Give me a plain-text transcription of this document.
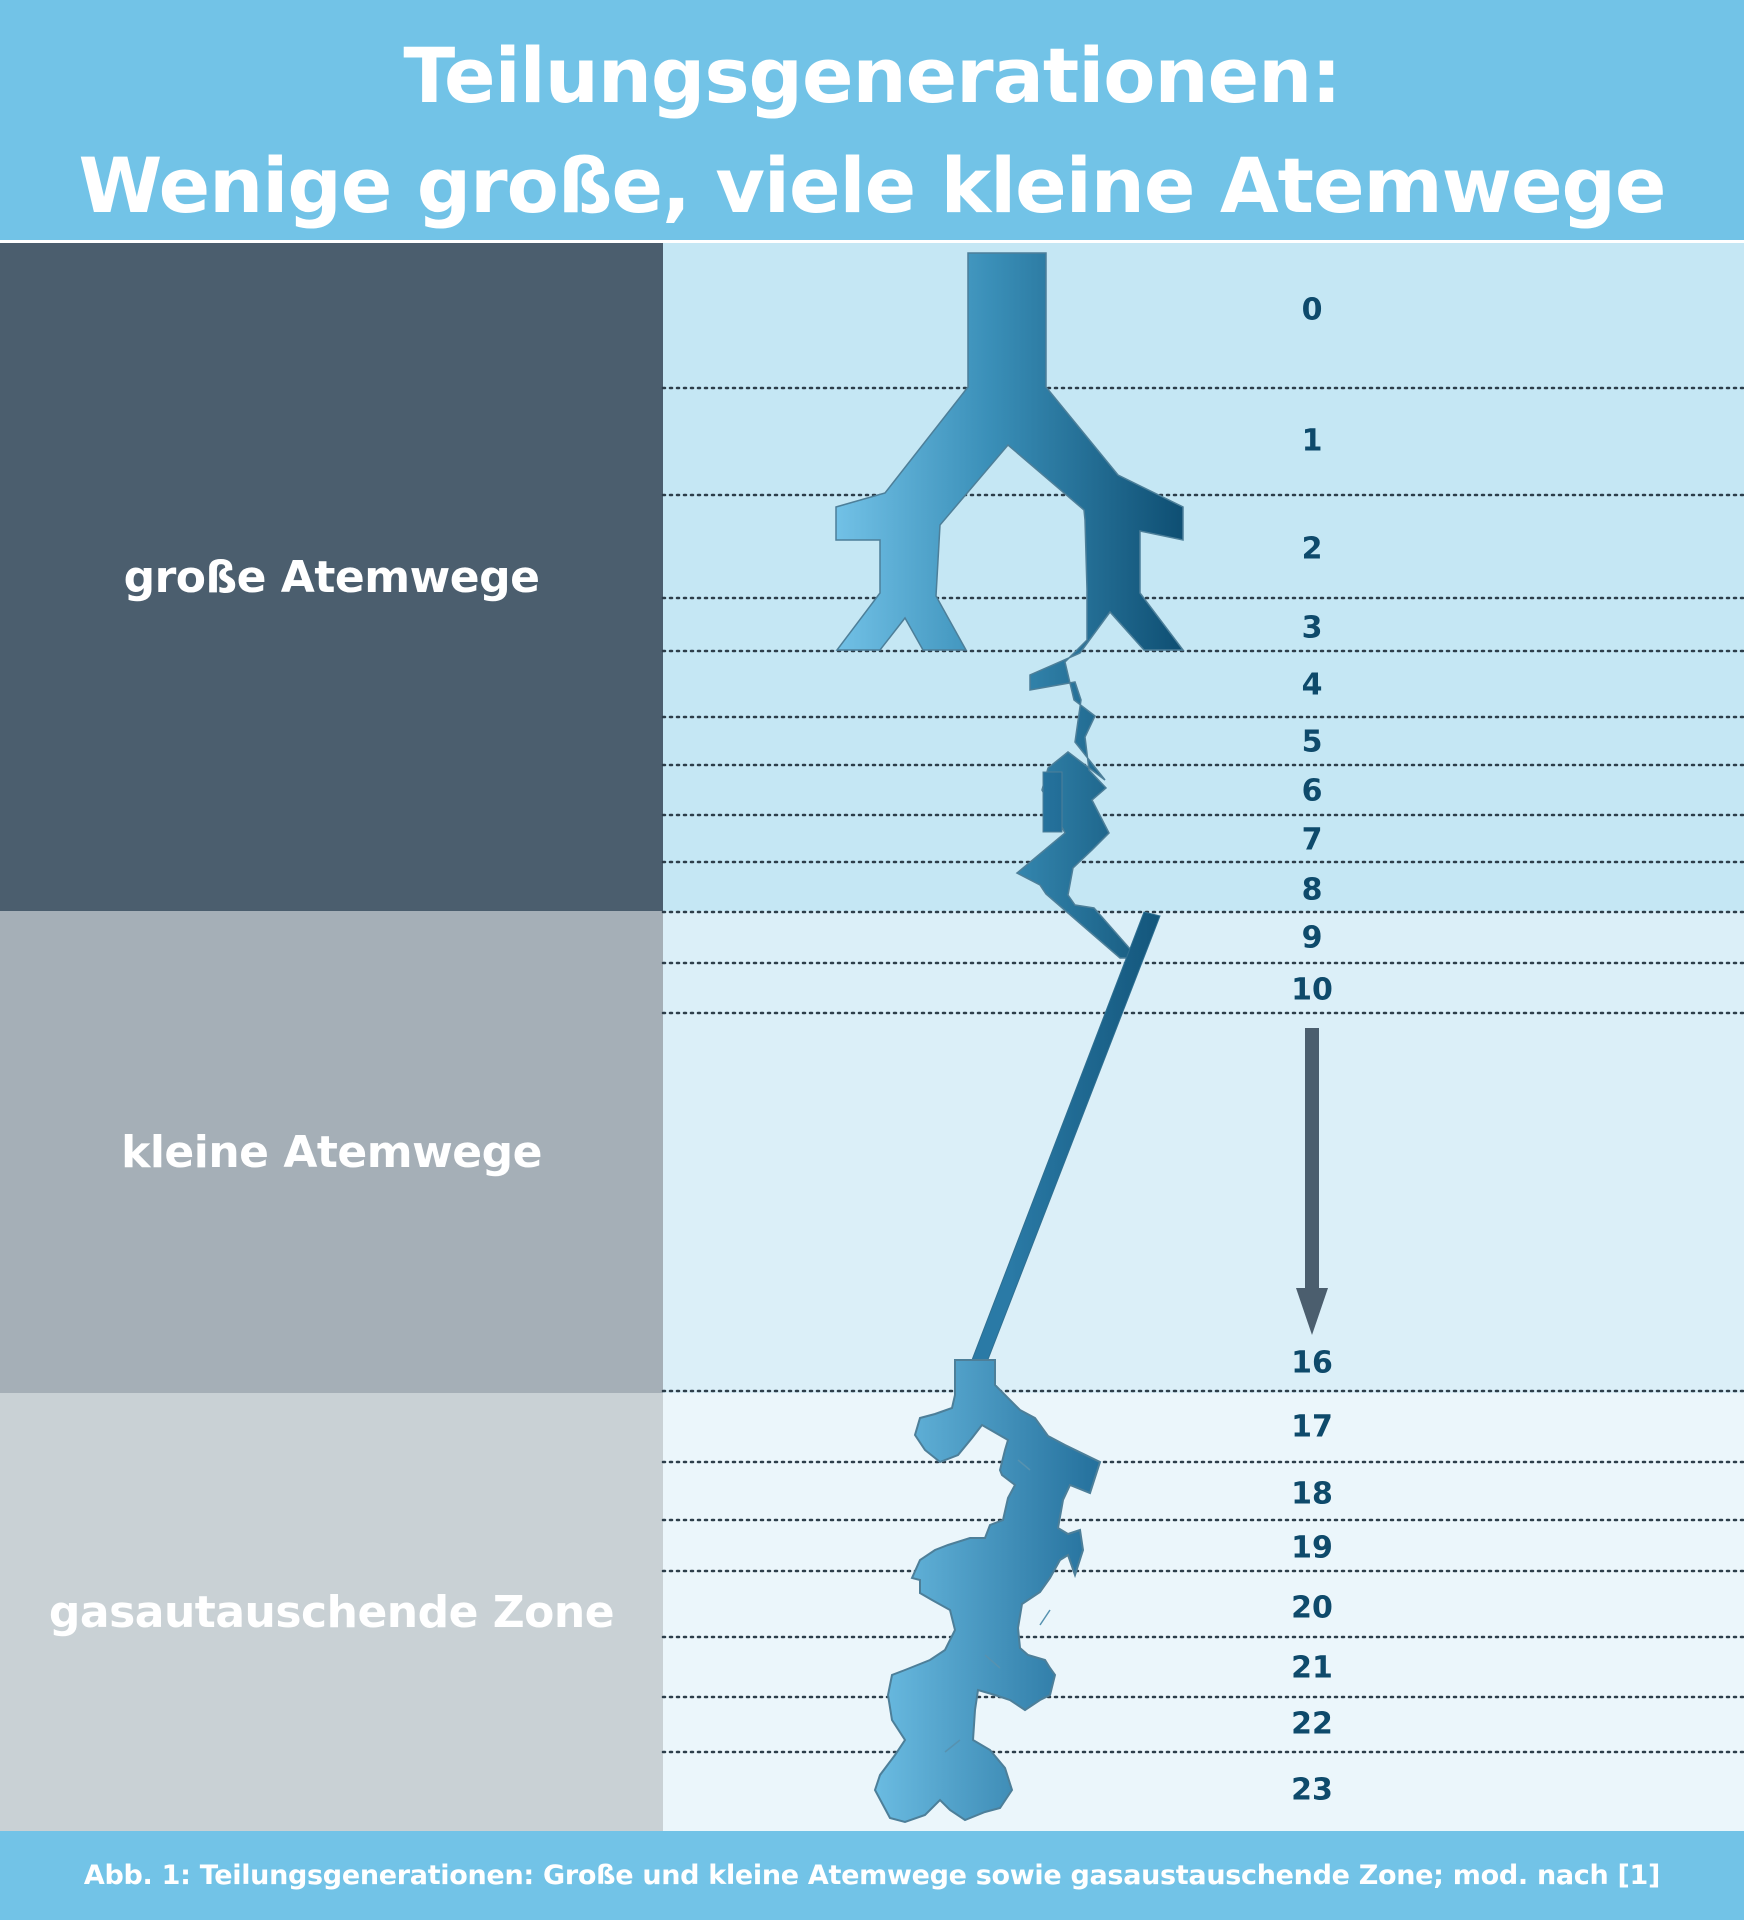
Teilungsgenerationen:
Wenige große, viele kleine Atemwege
große Atemwege
kleine Atemwege
gasautauschende Zone
0
1
2
3
4
5
6
7
8
9
10
16
17
18
19
20
21
22
23
Abb. 1: Teilungsgenerationen: Große und kleine Atemwege sowie gasaustauschende Zone; mod. nach [1]
